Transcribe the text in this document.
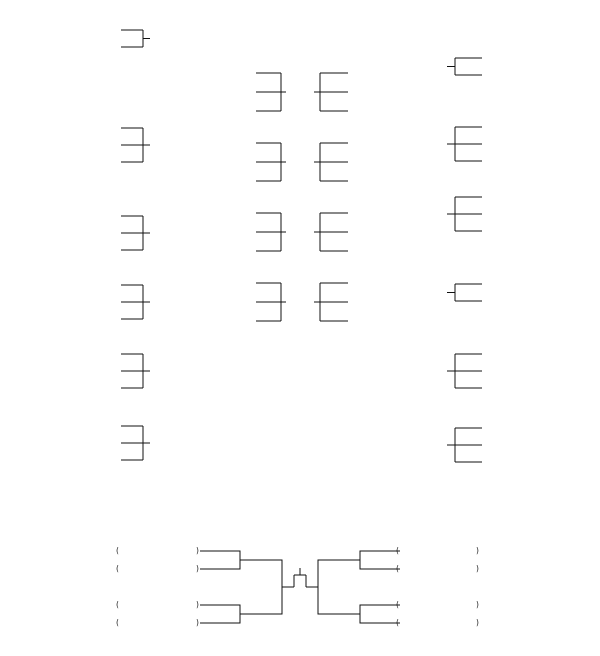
(	)
(	)
(	)
(	)
(	)
(	)
(	)
(	)
